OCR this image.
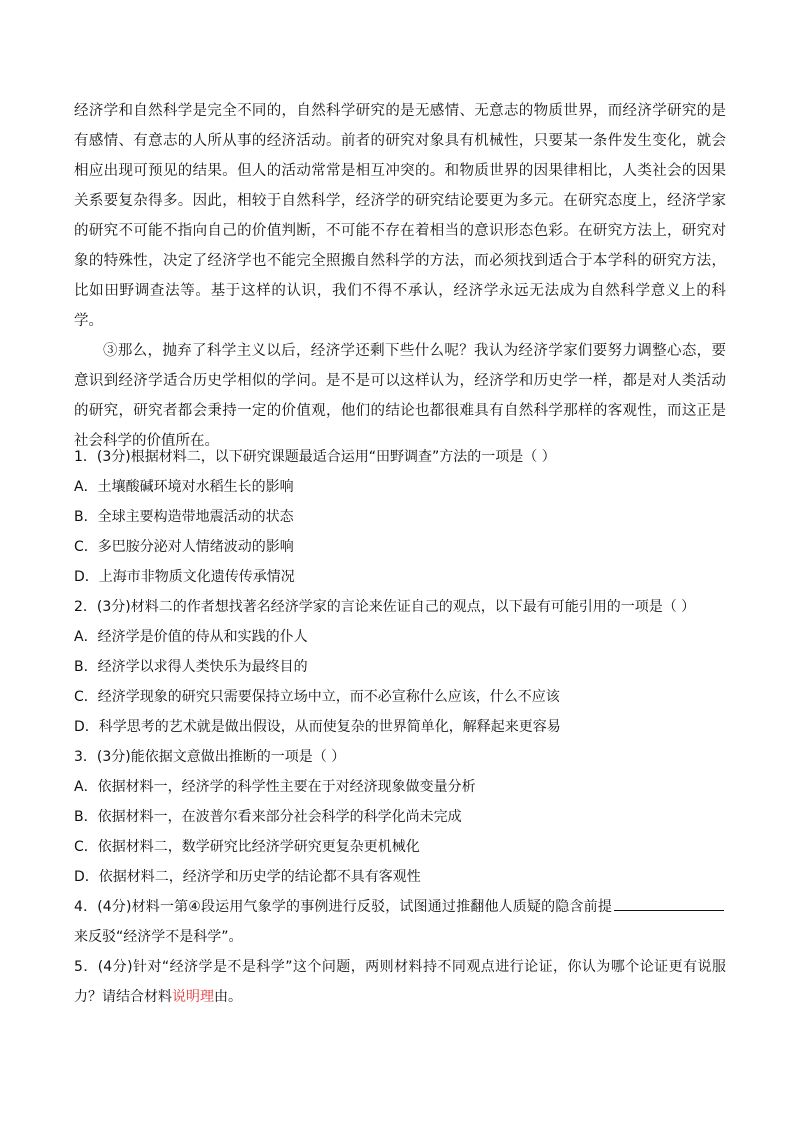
经济学和自然科学是完全不同的，自然科学研究的是无感情、无意志的物质世界，而经济学研究的是有感情、有意志的人所从事的经济活动。前者的研究对象具有机械性，只要某一条件发生变化，就会相应出现可预见的结果。但人的活动常常是相互冲突的。和物质世界的因果律相比，人类社会的因果关系要复杂得多。因此，相较于自然科学，经济学的研究结论要更为多元。在研究态度上，经济学家的研究不可能不指向自己的价值判断，不可能不存在着相当的意识形态色彩。在研究方法上，研究对象的特殊性，决定了经济学也不能完全照搬自然科学的方法，而必须找到适合于本学科的研究方法，比如田野调查法等。基于这样的认识，我们不得不承认，经济学永远无法成为自然科学意义上的科学。

③那么，抛弃了科学主义以后，经济学还剩下些什么呢？我认为经济学家们要努力调整心态，要意识到经济学适合历史学相似的学问。是不是可以这样认为，经济学和历史学一样，都是对人类活动的研究，研究者都会秉持一定的价值观，他们的结论也都很难具有自然科学那样的客观性，而这正是社会科学的价值所在。

1．(3分)根据材料二，以下研究课题最适合运用“田野调查”方法的一项是（ ）

A．土壤酸碱环境对水稻生长的影响

B．全球主要构造带地震活动的状态

C．多巴胺分泌对人情绪波动的影响

D．上海市非物质文化遗传传承情况

2．(3分)材料二的作者想找著名经济学家的言论来佐证自己的观点，以下最有可能引用的一项是（ ）

A．经济学是价值的侍从和实践的仆人

B．经济学以求得人类快乐为最终目的

C．经济学现象的研究只需要保持立场中立，而不必宣称什么应该，什么不应该

D．科学思考的艺术就是做出假设，从而使复杂的世界简单化，解释起来更容易

3．(3分)能依据文意做出推断的一项是（ ）

A．依据材料一，经济学的科学性主要在于对经济现象做变量分析

B．依据材料一，在波普尔看来部分社会科学的科学化尚未完成

C．依据材料二，数学研究比经济学研究更复杂更机械化

D．依据材料二，经济学和历史学的结论都不具有客观性

4．(4分)材料一第④段运用气象学的事例进行反驳，试图通过推翻他人质疑的隐含前提来反驳“经济学不是科学”。

5．(4分)针对“经济学是不是科学”这个问题，两则材料持不同观点进行论证，你认为哪个论证更有说服力？请结合材料说明理由。
